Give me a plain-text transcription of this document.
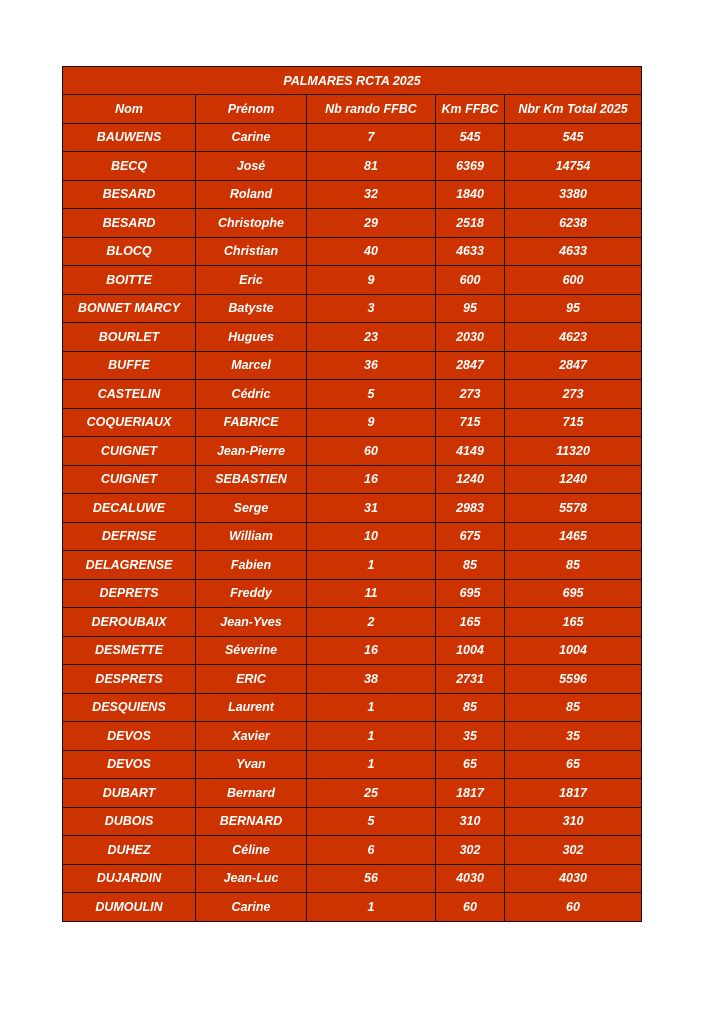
PALMARES RCTA 2025				
Nom	Prénom	Nb rando FFBC	Km FFBC	Nbr Km Total 2025
BAUWENS	Carine	7	545	545
BECQ	José	81	6369	14754
BESARD	Roland	32	1840	3380
BESARD	Christophe	29	2518	6238
BLOCQ	Christian	40	4633	4633
BOITTE	Eric	9	600	600
BONNET MARCY	Batyste	3	95	95
BOURLET	Hugues	23	2030	4623
BUFFE	Marcel	36	2847	2847
CASTELIN	Cédric	5	273	273
COQUERIAUX	FABRICE	9	715	715
CUIGNET	Jean-Pierre	60	4149	11320
CUIGNET	SEBASTIEN	16	1240	1240
DECALUWE	Serge	31	2983	5578
DEFRISE	William	10	675	1465
DELAGRENSE	Fabien	1	85	85
DEPRETS	Freddy	11	695	695
DEROUBAIX	Jean-Yves	2	165	165
DESMETTE	Séverine	16	1004	1004
DESPRETS	ERIC	38	2731	5596
DESQUIENS	Laurent	1	85	85
DEVOS	Xavier	1	35	35
DEVOS	Yvan	1	65	65
DUBART	Bernard	25	1817	1817
DUBOIS	BERNARD	5	310	310
DUHEZ	Céline	6	302	302
DUJARDIN	Jean-Luc	56	4030	4030
DUMOULIN	Carine	1	60	60
